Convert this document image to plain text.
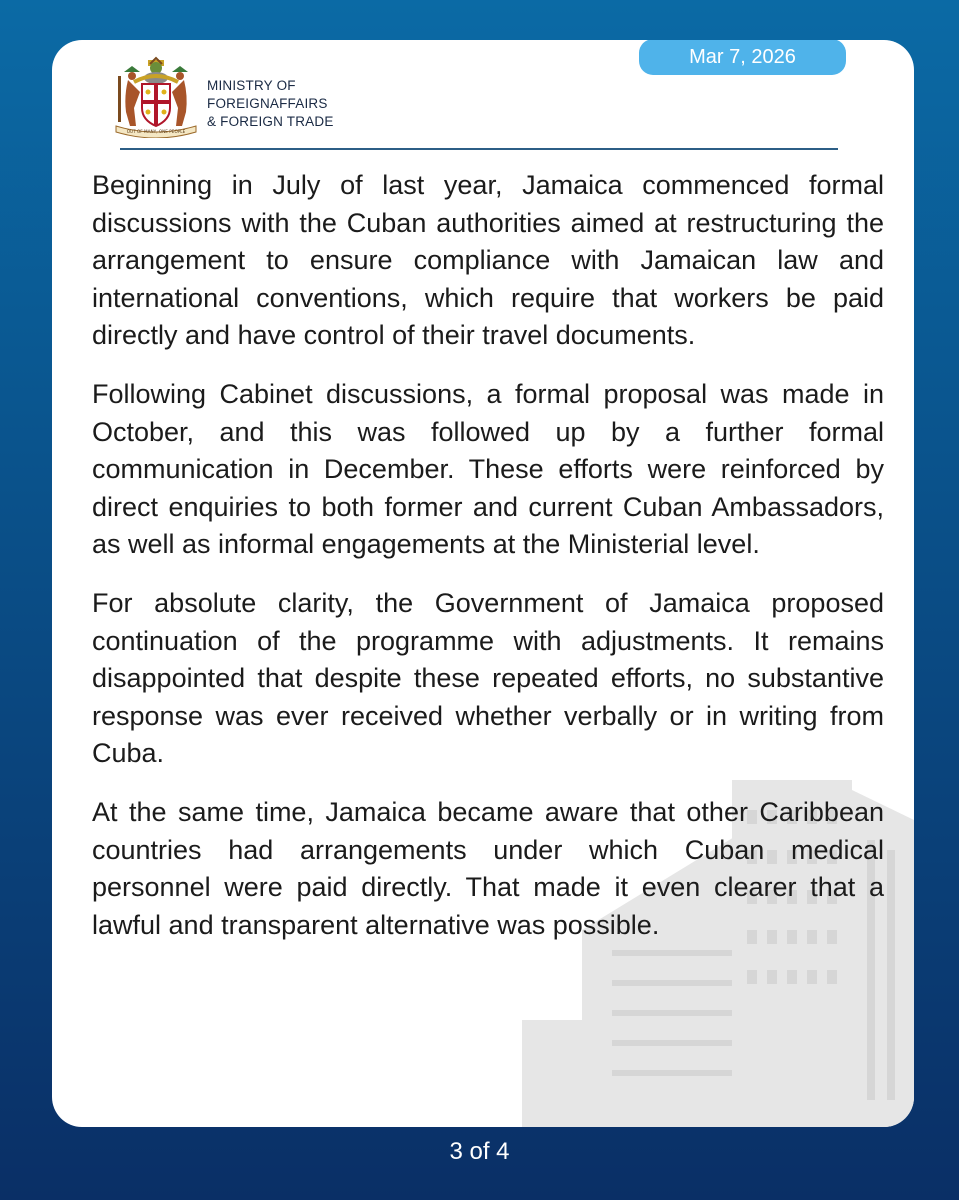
Mar 7, 2026
OUT OF MANY, ONE PEOPLE
MINISTRY OF
FOREIGNAFFAIRS
& FOREIGN TRADE

Beginning in July of last year, Jamaica commenced formal discussions with the Cuban authorities aimed at restructuring the arrangement to ensure compliance with Jamaican law and international conventions, which require that workers be paid directly and have control of their travel documents.

Following Cabinet discussions, a formal proposal was made in October, and this was followed up by a further formal communication in December. These efforts were reinforced by direct enquiries to both former and current Cuban Ambassadors, as well as informal engagements at the Ministerial level.

For absolute clarity, the Government of Jamaica proposed continuation of the programme with adjustments. It remains disappointed that despite these repeated efforts, no substantive response was ever received whether verbally or in writing from Cuba.

At the same time, Jamaica became aware that other Caribbean countries had arrangements under which Cuban medical personnel were paid directly. That made it even clearer that a lawful and transparent alternative was possible.

3 of 4
